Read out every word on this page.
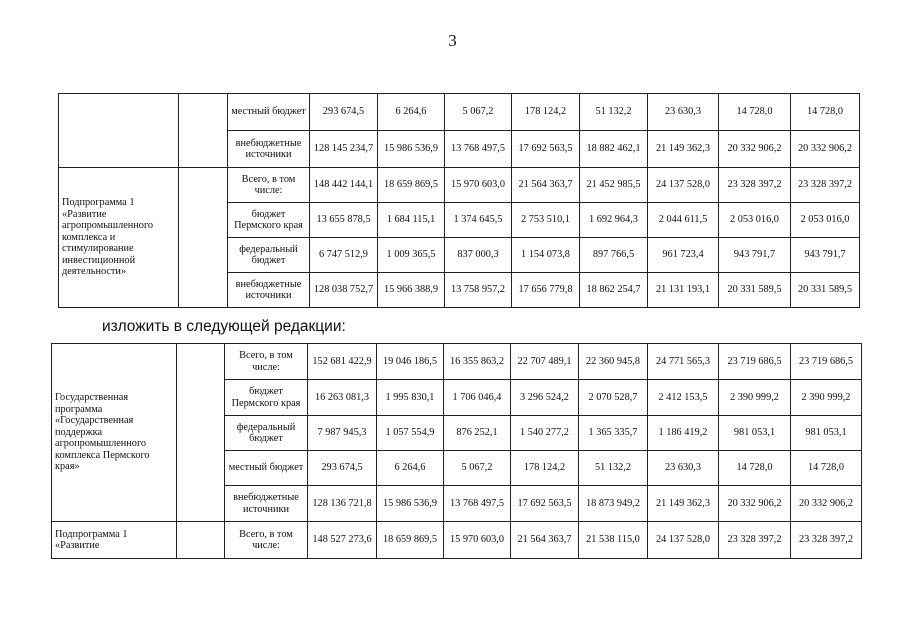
3
		местный бюджет	293 674,5	6 264,6	5 067,2	178 124,2	51 132,2	23 630,3	14 728,0	14 728,0
		внебюджетные источники	128 145 234,7	15 986 536,9	13 768 497,5	17 692 563,5	18 882 462,1	21 149 362,3	20 332 906,2	20 332 906,2
Подпрограмма 1 «Развитие агропромышленного комплекса и стимулирование инвестиционной деятельности»		Всего, в том числе:	148 442 144,1	18 659 869,5	15 970 603,0	21 564 363,7	21 452 985,5	24 137 528,0	23 328 397,2	23 328 397,2
		бюджет Пермского края	13 655 878,5	1 684 115,1	1 374 645,5	2 753 510,1	1 692 964,3	2 044 611,5	2 053 016,0	2 053 016,0
		федеральный бюджет	6 747 512,9	1 009 365,5	837 000,3	1 154 073,8	897 766,5	961 723,4	943 791,7	943 791,7
		внебюджетные источники	128 038 752,7	15 966 388,9	13 758 957,2	17 656 779,8	18 862 254,7	21 131 193,1	20 331 589,5	20 331 589,5
изложить в следующей редакции:
Государственная программа «Государственная поддержка агропромышленного комплекса Пермского края»		Всего, в том числе:	152 681 422,9	19 046 186,5	16 355 863,2	22 707 489,1	22 360 945,8	24 771 565,3	23 719 686,5	23 719 686,5
		бюджет Пермского края	16 263 081,3	1 995 830,1	1 706 046,4	3 296 524,2	2 070 528,7	2 412 153,5	2 390 999,2	2 390 999,2
		федеральный бюджет	7 987 945,3	1 057 554,9	876 252,1	1 540 277,2	1 365 335,7	1 186 419,2	981 053,1	981 053,1
		местный бюджет	293 674,5	6 264,6	5 067,2	178 124,2	51 132,2	23 630,3	14 728,0	14 728,0
		внебюджетные источники	128 136 721,8	15 986 536,9	13 768 497,5	17 692 563,5	18 873 949,2	21 149 362,3	20 332 906,2	20 332 906,2
Подпрограмма 1 «Развитие		Всего, в том числе:	148 527 273,6	18 659 869,5	15 970 603,0	21 564 363,7	21 538 115,0	24 137 528,0	23 328 397,2	23 328 397,2
